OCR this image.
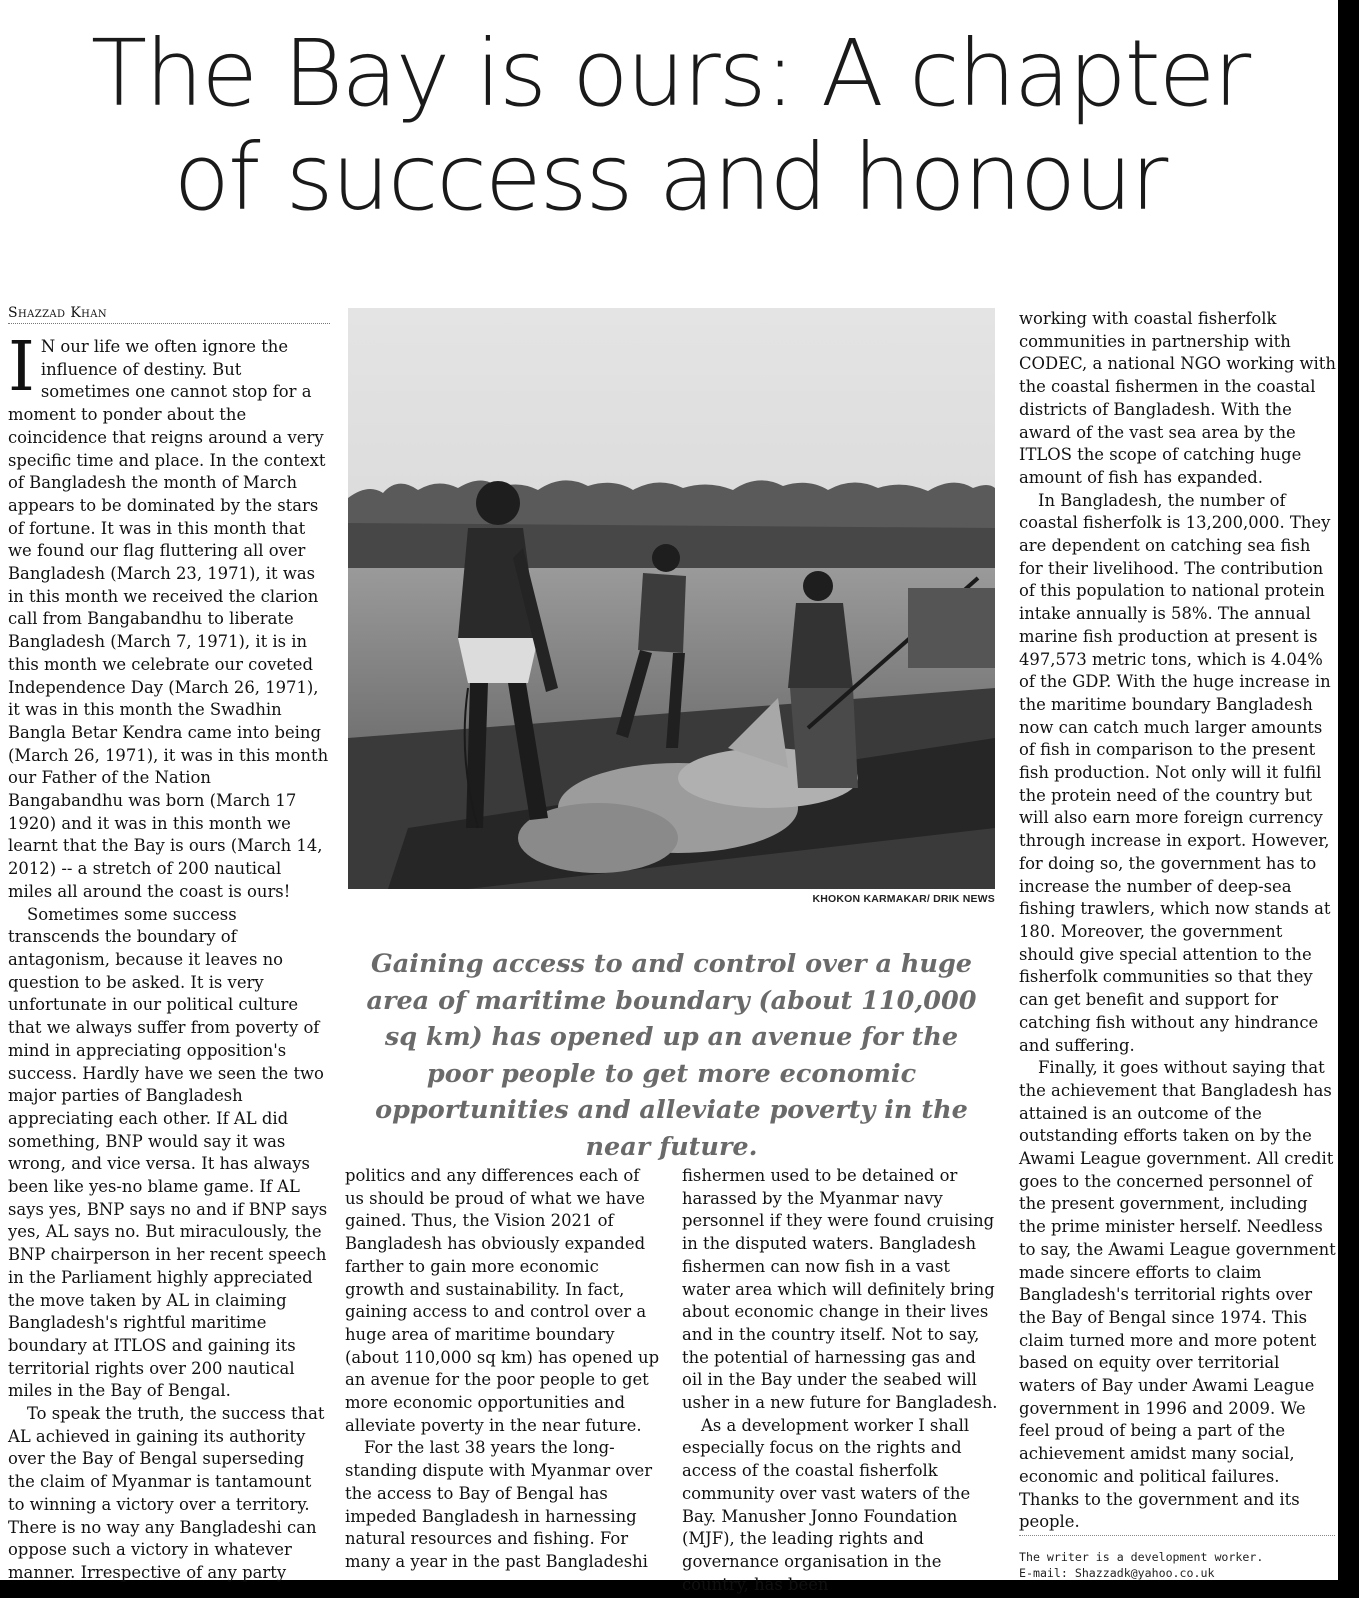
The Bay is ours: A chapter
of success and honour
Shazzad Khan

I N our life we often ignore the influence of destiny. But sometimes one cannot stop for a moment to ponder about the coincidence that reigns around a very specific time and place. In the context of Bangladesh the month of March appears to be dominated by the stars of fortune. It was in this month that we found our flag fluttering all over Bangladesh (March 23, 1971), it was in this month we received the clarion call from Bangabandhu to liberate Bangladesh (March 7, 1971), it is in this month we celebrate our coveted Independence Day (March 26, 1971), it was in this month the Swadhin Bangla Betar Kendra came into being (March 26, 1971), it was in this month our Father of the Nation Bangabandhu was born (March 17 1920) and it was in this month we learnt that the Bay is ours (March 14, 2012) -- a stretch of 200 nautical miles all around the coast is ours!

Sometimes some success transcends the boundary of antagonism, because it leaves no question to be asked. It is very unfortunate in our political culture that we always suffer from poverty of mind in appreciating opposition's success. Hardly have we seen the two major parties of Bangladesh appreciating each other. If AL did something, BNP would say it was wrong, and vice versa. It has always been like yes-no blame game. If AL says yes, BNP says no and if BNP says yes, AL says no. But miraculously, the BNP chairperson in her recent speech in the Parliament highly appreciated the move taken by AL in claiming Bangladesh's rightful maritime boundary at ITLOS and gaining its territorial rights over 200 nautical miles in the Bay of Bengal.

To speak the truth, the success that AL achieved in gaining its authority over the Bay of Bengal superseding the claim of Myanmar is tantamount to winning a victory over a territory. There is no way any Bangladeshi can oppose such a victory in whatever manner. Irrespective of any party

KHOKON KARMAKAR/ DRIK NEWS
Gaining access to and control over a huge area of maritime boundary (about 110,000 sq km) has opened up an avenue for the poor people to get more economic opportunities and alleviate poverty in the near future.

politics and any differences each of us should be proud of what we have gained. Thus, the Vision 2021 of Bangladesh has obviously expanded farther to gain more economic growth and sustainability. In fact, gaining access to and control over a huge area of maritime boundary (about 110,000 sq km) has opened up an avenue for the poor people to get more economic opportunities and alleviate poverty in the near future.

For the last 38 years the long-standing dispute with Myanmar over the access to Bay of Bengal has impeded Bangladesh in harnessing natural resources and fishing. For many a year in the past Bangladeshi

fishermen used to be detained or harassed by the Myanmar navy personnel if they were found cruising in the disputed waters. Bangladesh fishermen can now fish in a vast water area which will definitely bring about economic change in their lives and in the country itself. Not to say, the potential of harnessing gas and oil in the Bay under the seabed will usher in a new future for Bangladesh.

As a development worker I shall especially focus on the rights and access of the coastal fisherfolk community over vast waters of the Bay. Manusher Jonno Foundation (MJF), the leading rights and governance organisation in the country, has been

working with coastal fisherfolk communities in partnership with CODEC, a national NGO working with the coastal fishermen in the coastal districts of Bangladesh. With the award of the vast sea area by the ITLOS the scope of catching huge amount of fish has expanded.

In Bangladesh, the number of coastal fisherfolk is 13,200,000. They are dependent on catching sea fish for their livelihood. The contribution of this population to national protein intake annually is 58%. The annual marine fish production at present is 497,573 metric tons, which is 4.04% of the GDP. With the huge increase in the maritime boundary Bangladesh now can catch much larger amounts of fish in comparison to the present fish production. Not only will it fulfil the protein need of the country but will also earn more foreign currency through increase in export. However, for doing so, the government has to increase the number of deep-sea fishing trawlers, which now stands at 180. Moreover, the government should give special attention to the fisherfolk communities so that they can get benefit and support for catching fish without any hindrance and suffering.

Finally, it goes without saying that the achievement that Bangladesh has attained is an outcome of the outstanding efforts taken on by the Awami League government. All credit goes to the concerned personnel of the present government, including the prime minister herself. Needless to say, the Awami League government made sincere efforts to claim Bangladesh's territorial rights over the Bay of Bengal since 1974. This claim turned more and more potent based on equity over territorial waters of Bay under Awami League government in 1996 and 2009. We feel proud of being a part of the achievement amidst many social, economic and political failures. Thanks to the government and its people.

The writer is a development worker.
E-mail: Shazzadk@yahoo.co.uk
